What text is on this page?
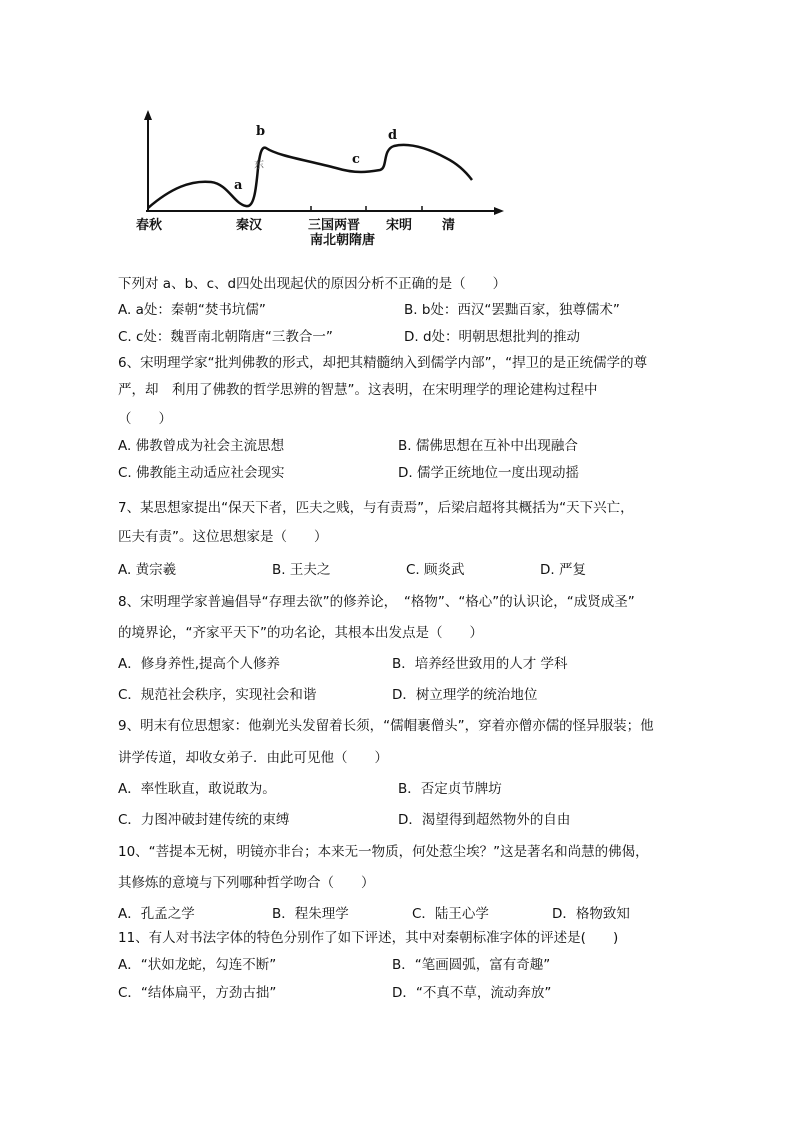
b
a
c
d
东
春秋	秦汉	三国两晋
南北朝隋唐
宋明 清
下列对 a、b、c、d四处出现起伏的原因分析不正确的是（　　）
A. a处：秦朝“焚书坑儒”	B. b处：西汉“罢黜百家，独尊儒术”
C. c处：魏晋南北朝隋唐“三教合一”	D. d处：明朝思想批判的推动
6、宋明理学家“批判佛教的形式，却把其精髓纳入到儒学内部”，“捍卫的是正统儒学的尊
严，却　利用了佛教的哲学思辨的智慧”。这表明，在宋明理学的理论建构过程中
（　　）
A. 佛教曾成为社会主流思想	B. 儒佛思想在互补中出现融合
C. 佛教能主动适应社会现实	D. 儒学正统地位一度出现动摇
7、某思想家提出“保天下者，匹夫之贱，与有责焉”，后梁启超将其概括为“天下兴亡，
匹夫有责”。这位思想家是（　　）
A. 黄宗羲	B. 王夫之	C. 顾炎武	D. 严复
8、宋明理学家普遍倡导“存理去欲”的修养论，　“格物”、“格心”的认识论，“成贤成圣”
的境界论，“齐家平天下”的功名论，其根本出发点是（　　）
A．修身养性,提高个人修养	B．培养经世致用的人才 学科
C．规范社会秩序，实现社会和谐	D．树立理学的统治地位
9、明末有位思想家：他剃光头发留着长须，“儒帽裹僧头”，穿着亦僧亦儒的怪异服装；他
讲学传道，却收女弟子．由此可见他（　　）
A．率性耿直，敢说敢为。	B．否定贞节牌坊
C．力图冲破封建传统的束缚	D．渴望得到超然物外的自由
10、“菩提本无树，明镜亦非台；本来无一物质，何处惹尘埃？”这是著名和尚慧的佛偈，
其修炼的意境与下列哪种哲学吻合（　　）
A．孔孟之学	B．程朱理学	C．陆王心学	D．格物致知
11、有人对书法字体的特色分别作了如下评述，其中对秦朝标准字体的评述是(　　)
A．“状如龙蛇，勾连不断”	B．“笔画圆弧，富有奇趣”
C．“结体扁平，方劲古拙”	D．“不真不草，流动奔放”
